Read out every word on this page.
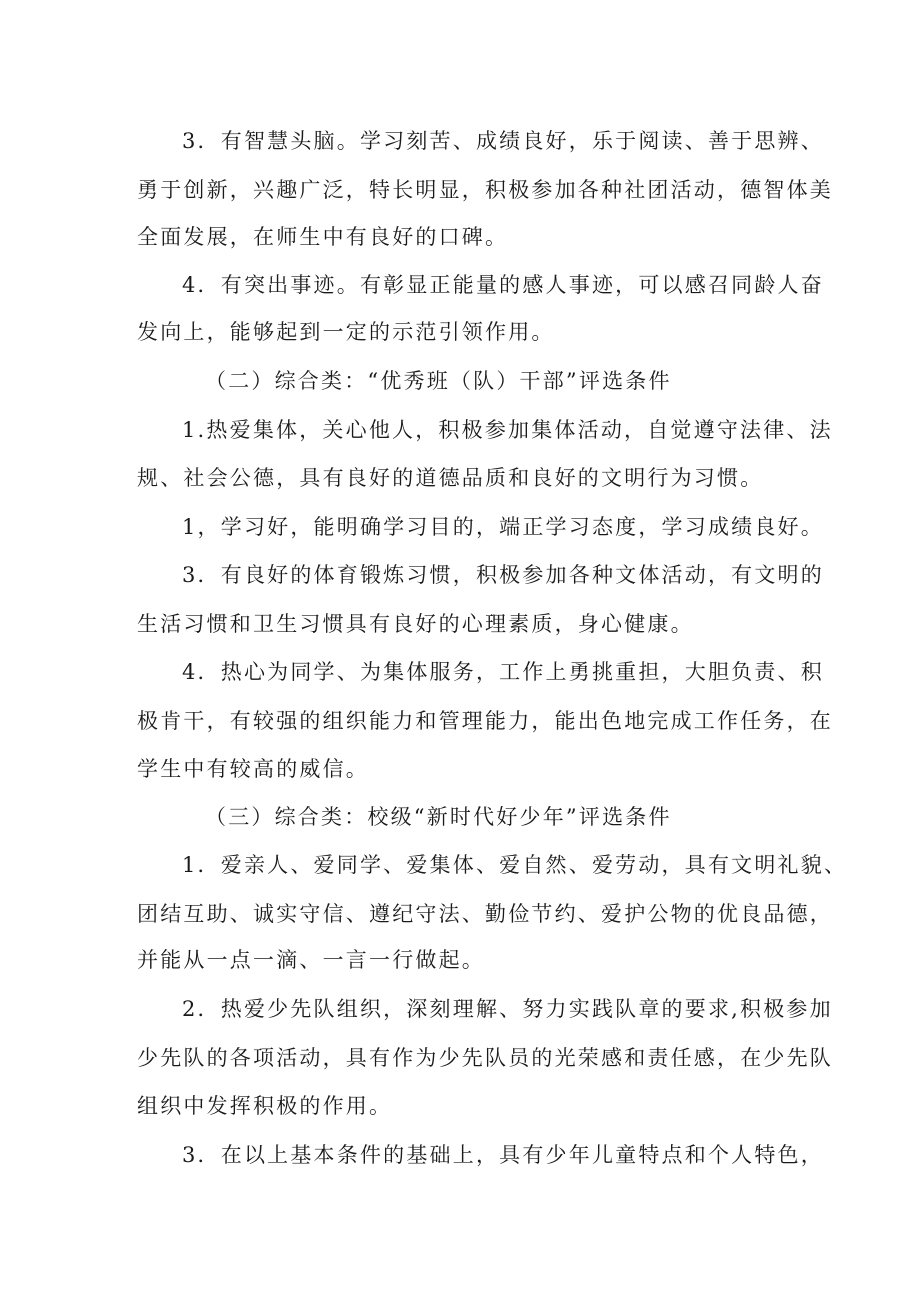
3．有智慧头脑。学习刻苦、成绩良好，乐于阅读、善于思辨、
勇于创新，兴趣广泛，特长明显，积极参加各种社团活动，德智体美
全面发展，在师生中有良好的口碑。
4．有突出事迹。有彰显正能量的感人事迹，可以感召同龄人奋
发向上，能够起到一定的示范引领作用。
（二）综合类：“优秀班（队）干部”评选条件
1.热爱集体，关心他人，积极参加集体活动，自觉遵守法律、法
规、社会公德，具有良好的道德品质和良好的文明行为习惯。
1，学习好，能明确学习目的，端正学习态度，学习成绩良好。
3．有良好的体育锻炼习惯，积极参加各种文体活动，有文明的
生活习惯和卫生习惯具有良好的心理素质，身心健康。
4．热心为同学、为集体服务，工作上勇挑重担，大胆负责、积
极肯干，有较强的组织能力和管理能力，能出色地完成工作任务，在
学生中有较高的威信。
（三）综合类：校级“新时代好少年”评选条件
1．爱亲人、爱同学、爱集体、爱自然、爱劳动，具有文明礼貌、
团结互助、诚实守信、遵纪守法、勤俭节约、爱护公物的优良品德，
并能从一点一滴、一言一行做起。
2．热爱少先队组织，深刻理解、努力实践队章的要求,积极参加
少先队的各项活动，具有作为少先队员的光荣感和责任感，在少先队
组织中发挥积极的作用。
3．在以上基本条件的基础上，具有少年儿童特点和个人特色，
